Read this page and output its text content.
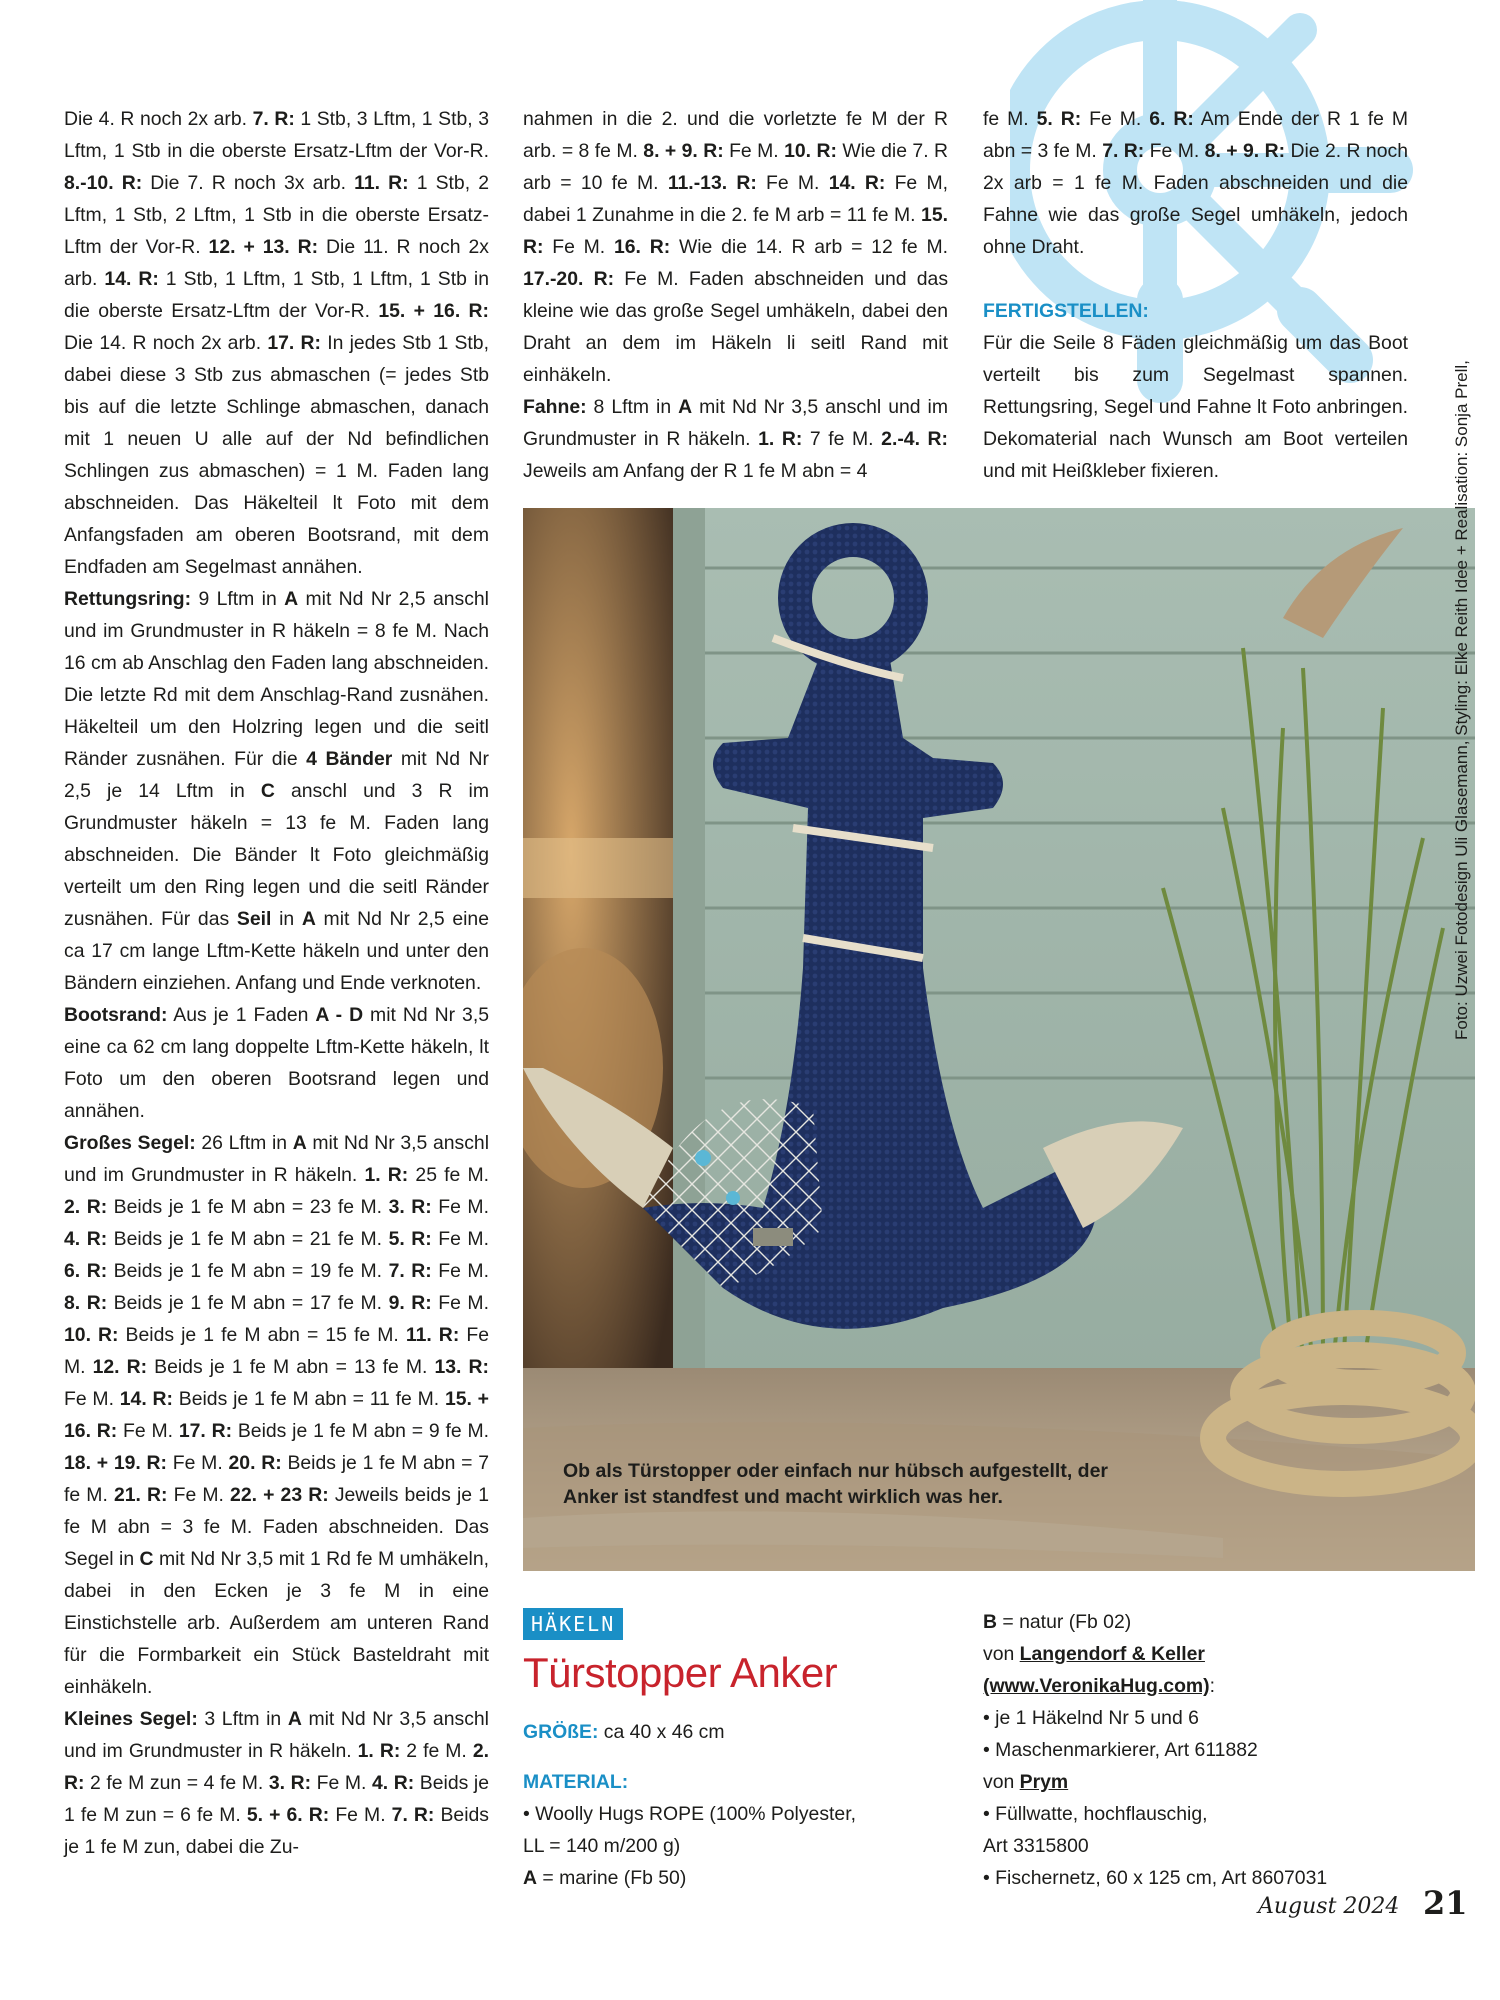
Die 4. R noch 2x arb. 7. R: 1 Stb, 3 Lftm, 1 Stb, 3 Lftm, 1 Stb in die oberste Ersatz-Lftm der Vor-R. 8.-10. R: Die 7. R noch 3x arb. 11. R: 1 Stb, 2 Lftm, 1 Stb, 2 Lftm, 1 Stb in die oberste Ersatz-Lftm der Vor-R. 12. + 13. R: Die 11. R noch 2x arb. 14. R: 1 Stb, 1 Lftm, 1 Stb, 1 Lftm, 1 Stb in die oberste Ersatz-Lftm der Vor-R. 15. + 16. R: Die 14. R noch 2x arb. 17. R: In jedes Stb 1 Stb, dabei diese 3 Stb zus abmaschen (= jedes Stb bis auf die letzte Schlinge abmaschen, danach mit 1 neuen U alle auf der Nd befindlichen Schlingen zus abmaschen) = 1 M. Faden lang abschneiden. Das Häkelteil lt Foto mit dem Anfangsfaden am oberen Bootsrand, mit dem Endfaden am Segelmast annähen.

Rettungsring: 9 Lftm in A mit Nd Nr 2,5 anschl und im Grundmuster in R häkeln = 8 fe M. Nach 16 cm ab Anschlag den Faden lang abschneiden. Die letzte Rd mit dem Anschlag-Rand zusnähen. Häkelteil um den Holzring legen und die seitl Ränder zusnähen. Für die 4 Bänder mit Nd Nr 2,5 je 14 Lftm in C anschl und 3 R im Grundmuster häkeln = 13 fe M. Faden lang abschneiden. Die Bänder lt Foto gleichmäßig verteilt um den Ring legen und die seitl Ränder zusnähen. Für das Seil in A mit Nd Nr 2,5 eine ca 17 cm lange Lftm-Kette häkeln und unter den Bändern einziehen. Anfang und Ende verknoten.

Bootsrand: Aus je 1 Faden A - D mit Nd Nr 3,5 eine ca 62 cm lang doppelte Lftm-Kette häkeln, lt Foto um den oberen Bootsrand legen und annähen.

Großes Segel: 26 Lftm in A mit Nd Nr 3,5 anschl und im Grundmuster in R häkeln. 1. R: 25 fe M. 2. R: Beids je 1 fe M abn = 23 fe M. 3. R: Fe M. 4. R: Beids je 1 fe M abn = 21 fe M. 5. R: Fe M. 6. R: Beids je 1 fe M abn = 19 fe M. 7. R: Fe M. 8. R: Beids je 1 fe M abn = 17 fe M. 9. R: Fe M. 10. R: Beids je 1 fe M abn = 15 fe M. 11. R: Fe M. 12. R: Beids je 1 fe M abn = 13 fe M. 13. R: Fe M. 14. R: Beids je 1 fe M abn = 11 fe M. 15. + 16. R: Fe M. 17. R: Beids je 1 fe M abn = 9 fe M. 18. + 19. R: Fe M. 20. R: Beids je 1 fe M abn = 7 fe M. 21. R: Fe M. 22. + 23 R: Jeweils beids je 1 fe M abn = 3 fe M. Faden abschneiden. Das Segel in C mit Nd Nr 3,5 mit 1 Rd fe M umhäkeln, dabei in den Ecken je 3 fe M in eine Einstichstelle arb. Außerdem am unteren Rand für die Formbarkeit ein Stück Basteldraht mit einhäkeln.

Kleines Segel: 3 Lftm in A mit Nd Nr 3,5 anschl und im Grundmuster in R häkeln. 1. R: 2 fe M. 2. R: 2 fe M zun = 4 fe M. 3. R: Fe M. 4. R: Beids je 1 fe M zun = 6 fe M. 5. + 6. R: Fe M. 7. R: Beids je 1 fe M zun, dabei die Zu-

nahmen in die 2. und die vorletzte fe M der R arb. = 8 fe M. 8. + 9. R: Fe M. 10. R: Wie die 7. R arb = 10 fe M. 11.-13. R: Fe M. 14. R: Fe M, dabei 1 Zunahme in die 2. fe M arb = 11 fe M. 15. R: Fe M. 16. R: Wie die 14. R arb = 12 fe M. 17.-20. R: Fe M. Faden abschneiden und das kleine wie das große Segel umhäkeln, dabei den Draht an dem im Häkeln li seitl Rand mit einhäkeln.

Fahne: 8 Lftm in A mit Nd Nr 3,5 anschl und im Grundmuster in R häkeln. 1. R: 7 fe M. 2.-4. R: Jeweils am Anfang der R 1 fe M abn = 4

fe M. 5. R: Fe M. 6. R: Am Ende der R 1 fe M abn = 3 fe M. 7. R: Fe M. 8. + 9. R: Die 2. R noch 2x arb = 1 fe M. Faden abschneiden und die Fahne wie das große Segel umhäkeln, jedoch ohne Draht.

FERTIGSTELLEN:

Für die Seile 8 Fäden gleichmäßig um das Boot verteilt bis zum Segelmast spannen. Rettungsring, Segel und Fahne lt Foto anbringen. Dekomaterial nach Wunsch am Boot verteilen und mit Heißkleber fixieren.	Foto: Uzwei Fotodesign Uli Glasemann, Styling: Elke Reith Idee + Realisation: Sonja Prell,
Ob als Türstopper oder einfach nur hübsch aufgestellt, der Anker ist standfest und macht wirklich was her.
HÄKELN
Türstopper Anker

GRÖßE: ca 40 x 46 cm

MATERIAL:

• Woolly Hugs ROPE (100% Polyester,

LL = 140 m/200 g)

A = marine (Fb 50)

B = natur (Fb 02)

von Langendorf & Keller

(www.VeronikaHug.com):

• je 1 Häkelnd Nr 5 und 6

• Maschenmarkierer, Art 611882

von Prym

• Füllwatte, hochflauschig,

Art 3315800

• Fischernetz, 60 x 125 cm, Art 8607031

August 2024 21
